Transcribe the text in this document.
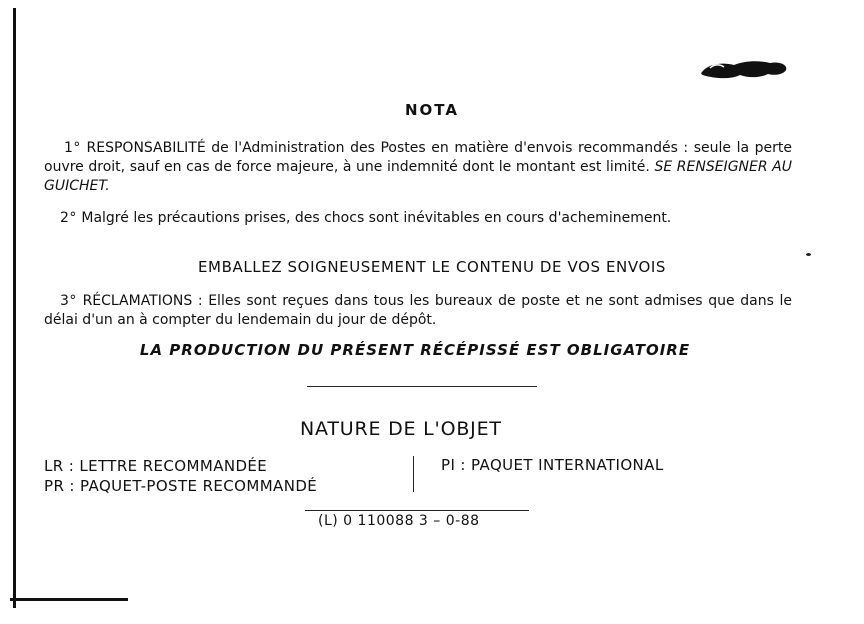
NOTA

1° RESPONSABILITÉ de l'Administration des Postes en matière d'envois recommandés : seule la perte ouvre droit, sauf en cas de force majeure, à une indemnité dont le montant est limité. SE RENSEIGNER AU GUICHET.

2° Malgré les précautions prises, des chocs sont inévitables en cours d'acheminement.

EMBALLEZ SOIGNEUSEMENT LE CONTENU DE VOS ENVOIS

3° RÉCLAMATIONS : Elles sont reçues dans tous les bureaux de poste et ne sont admises que dans le délai d'un an à compter du lendemain du jour de dépôt.

LA PRODUCTION DU PRÉSENT RÉCÉPISSÉ EST OBLIGATOIRE
NATURE DE L'OBJET
LR : LETTRE RECOMMANDÉE
PR : PAQUET-POSTE RECOMMANDÉ
PI : PAQUET INTERNATIONAL
(L) 0 110088 3 – 0-88
